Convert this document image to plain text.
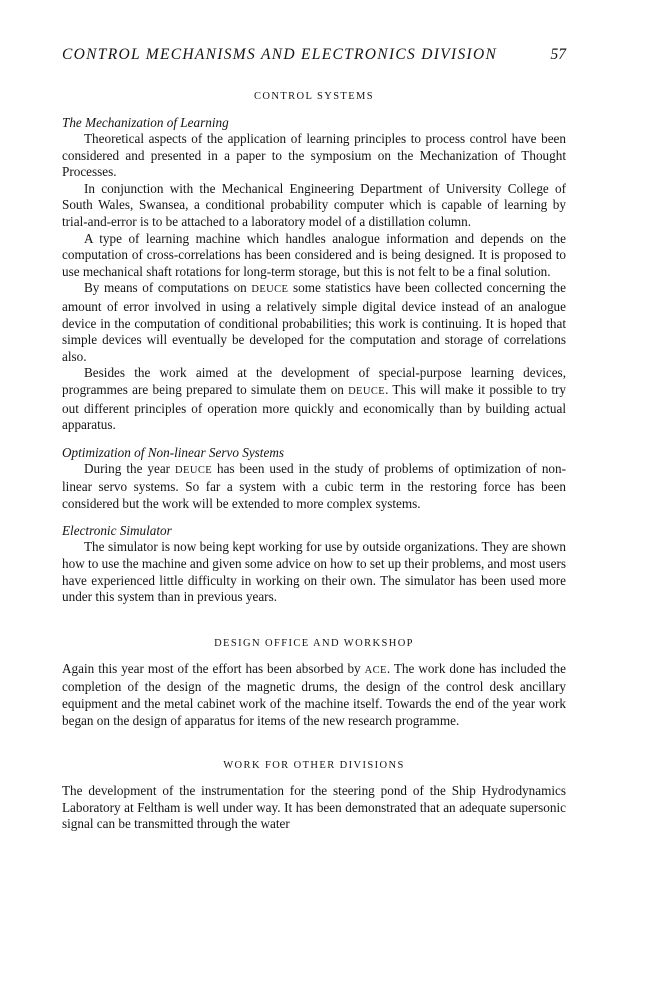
CONTROL MECHANISMS AND ELECTRONICS DIVISION	57
CONTROL SYSTEMS
The Mechanization of Learning

Theoretical aspects of the application of learning principles to process control have been considered and presented in a paper to the symposium on the Mechanization of Thought Processes.

In conjunction with the Mechanical Engineering Department of University College of South Wales, Swansea, a conditional probability computer which is capable of learning by trial-and-error is to be attached to a laboratory model of a distillation column.

A type of learning machine which handles analogue information and depends on the computation of cross-correlations has been considered and is being designed. It is proposed to use mechanical shaft rotations for long-term storage, but this is not felt to be a final solution.

By means of computations on DEUCE some statistics have been collected concerning the amount of error involved in using a relatively simple digital device instead of an analogue device in the computation of conditional probabilities; this work is continuing. It is hoped that simple devices will eventually be developed for the computation and storage of correlations also.

Besides the work aimed at the development of special-purpose learning devices, programmes are being prepared to simulate them on DEUCE. This will make it possible to try out different principles of operation more quickly and economically than by building actual apparatus.

Optimization of Non-linear Servo Systems

During the year DEUCE has been used in the study of problems of optimization of non-linear servo systems. So far a system with a cubic term in the restoring force has been considered but the work will be extended to more complex systems.

Electronic Simulator

The simulator is now being kept working for use by outside organizations. They are shown how to use the machine and given some advice on how to set up their problems, and most users have experienced little difficulty in working on their own. The simulator has been used more under this system than in previous years.

DESIGN OFFICE AND WORKSHOP

Again this year most of the effort has been absorbed by ACE. The work done has included the completion of the design of the magnetic drums, the design of the control desk ancillary equipment and the metal cabinet work of the machine itself. Towards the end of the year work began on the design of apparatus for items of the new research programme.

WORK FOR OTHER DIVISIONS

The development of the instrumentation for the steering pond of the Ship Hydrodynamics Laboratory at Feltham is well under way. It has been demonstrated that an adequate supersonic signal can be transmitted through the water
